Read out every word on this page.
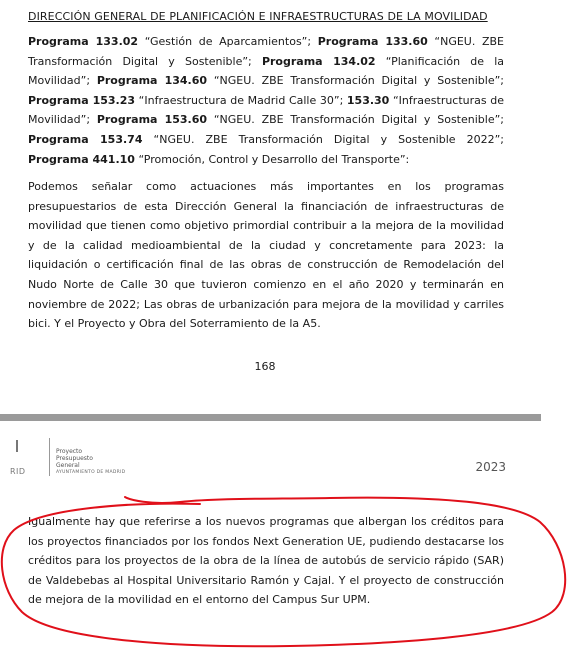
DIRECCIÓN GENERAL DE PLANIFICACIÓN E INFRAESTRUCTURAS DE LA MOVILIDAD
Programa 133.02 “Gestión de Aparcamientos”; Programa 133.60 “NGEU. ZBE Transformación Digital y Sostenible”; Programa 134.02 “Planificación de la Movilidad”; Programa 134.60 “NGEU. ZBE Transformación Digital y Sostenible”; Programa 153.23 “Infraestructura de Madrid Calle 30”; 153.30 “Infraestructuras de Movilidad”; Programa 153.60 “NGEU. ZBE Transformación Digital y Sostenible”; Programa 153.74 “NGEU. ZBE Transformación Digital y Sostenible 2022”; Programa 441.10 “Promoción, Control y Desarrollo del Transporte”:
Podemos señalar como actuaciones más importantes en los programas presupuestarios de esta Dirección General la financiación de infraestructuras de movilidad que tienen como objetivo primordial contribuir a la mejora de la movilidad y de la calidad medioambiental de la ciudad y concretamente para 2023: la liquidación o certificación final de las obras de construcción de Remodelación del Nudo Norte de Calle 30 que tuvieron comienzo en el año 2020 y terminarán en noviembre de 2022; Las obras de urbanización para mejora de la movilidad y carriles bici. Y el Proyecto y Obra del Soterramiento de la A5.
168
RID
Proyecto
Presupuesto
General
AYUNTAMIENTO DE MADRID	2023
Igualmente hay que referirse a los nuevos programas que albergan los créditos para los proyectos financiados por los fondos Next Generation UE, pudiendo destacarse los créditos para los proyectos de la obra de la línea de autobús de servicio rápido (SAR) de Valdebebas al Hospital Universitario Ramón y Cajal. Y el proyecto de construcción de mejora de la movilidad en el entorno del Campus Sur UPM.
